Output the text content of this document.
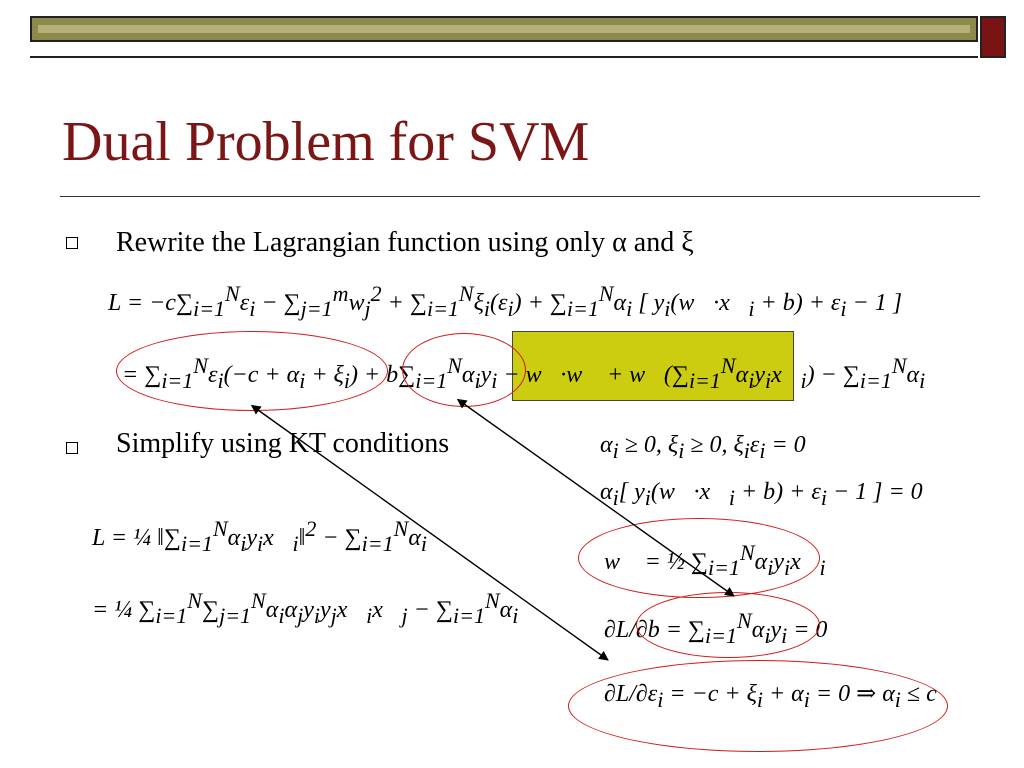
Dual Problem for SVM
Rewrite the Lagrangian function using only α and ξ
$L = -c\sum_{i=1}^N\varepsilon_i - \sum_{j=1}^mw_j^2 + \sum_{i=1}^N\xi_i(\varepsilon_i) + \sum_{i=1}^N\alpha_i$ [ $y_i(w⃗\cdot x⃗_i + b) + \varepsilon_i - 1$ ]
= $\sum_{i=1}^N\varepsilon_i(-c + \alpha_i + \xi_i) + b\sum_{i=1}^N\alpha_iy_i$ − w⃗·w⃗ + $w⃗(\sum_{i=1}^N\alpha_iy_ix⃗_i) - \sum_{i=1}^N\alpha_i$
Simplify using KT conditions
L = ¼ $‖\sum_{i=1}^N\alpha_iy_ix⃗_i‖^2 - \sum_{i=1}^N\alpha_i$
= ¼ $\sum_{i=1}^N\sum_{j=1}^N\alpha_i\alpha_jy_iy_jx⃗_ix⃗_j - \sum_{i=1}^N\alpha_i$
$\alpha_i \ge 0$, $\xi_i \ge 0$, $\xi_i\varepsilon_i = 0$
$\alpha_i$[ $y_i(w⃗\cdot x⃗_i + b) + \varepsilon_i - 1$ ] = 0
w⃗ = ½ $\sum_{i=1}^N\alpha_iy_ix⃗_i$
$\partial L/\partial b = \sum_{i=1}^N\alpha_iy_i = 0$
$\partial L/\partial\varepsilon_i = -c + \xi_i + \alpha_i = 0$ ⇒ $\alpha_i \le c$
